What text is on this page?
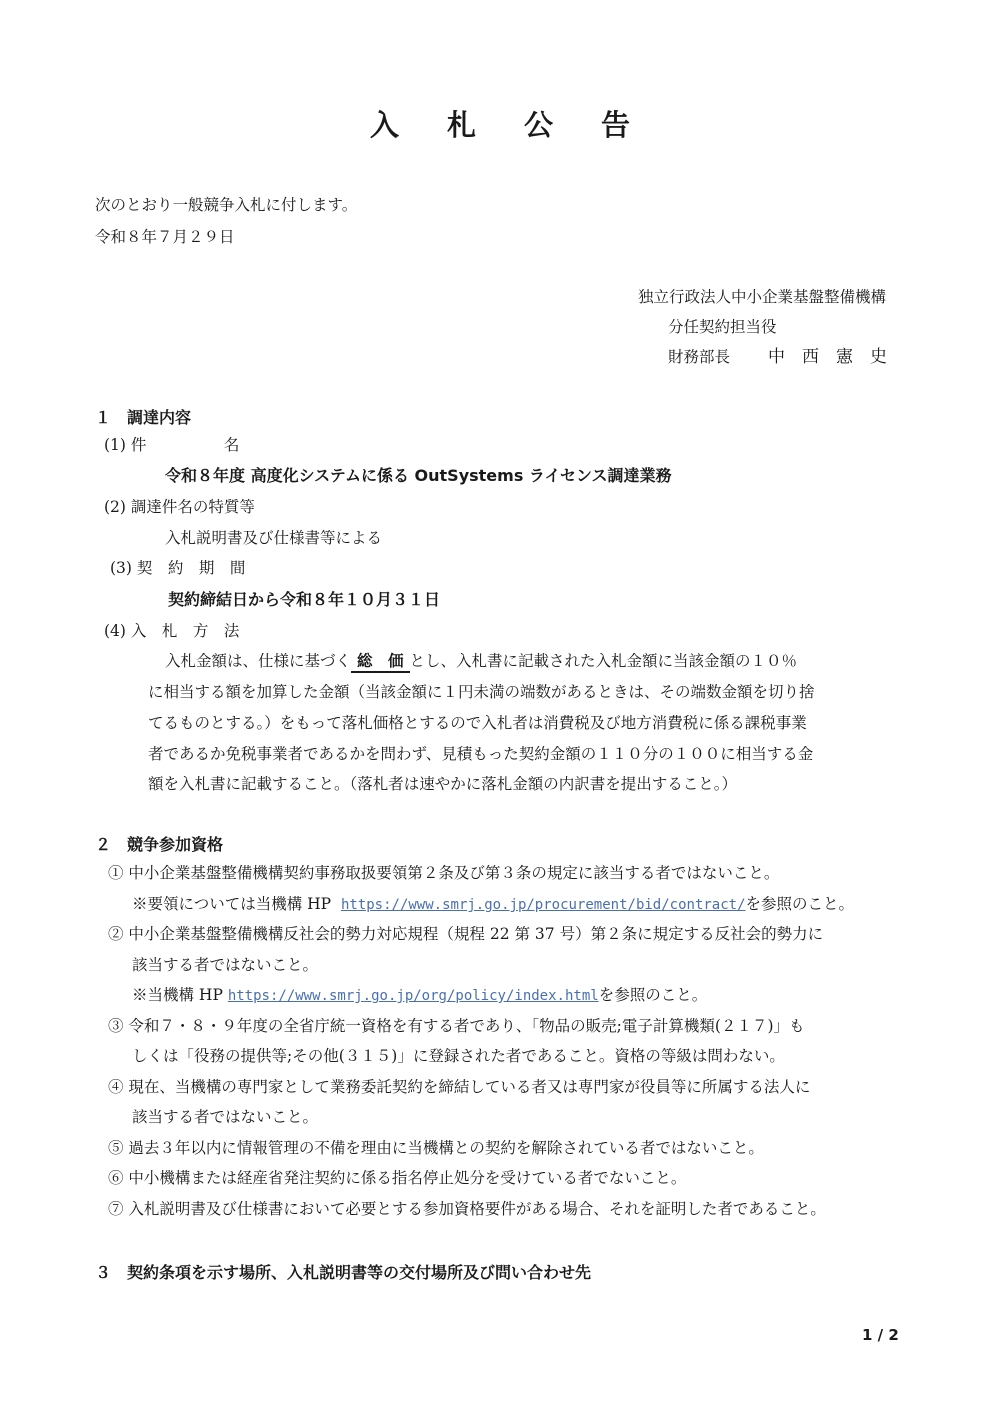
入 札 公 告
次のとおり一般競争入札に付します。
令和８年７月２９日
独立行政法人中小企業基盤整備機構
分任契約担当役
財務部長 中　西　憲　史
１　調達内容
(1) 件　　　　　名
令和８年度 高度化システムに係る OutSystems ライセンス調達業務
(2) 調達件名の特質等
入札説明書及び仕様書等による
(3) 契　約　期　間
契約締結日から令和８年１０月３１日
(4) 入　札　方　法
入札金額は、仕様に基づく 総　価 とし、入札書に記載された入札金額に当該金額の１０％
に相当する額を加算した金額（当該金額に１円未満の端数があるときは、その端数金額を切り捨
てるものとする。）をもって落札価格とするので入札者は消費税及び地方消費税に係る課税事業
者であるか免税事業者であるかを問わず、見積もった契約金額の１１０分の１００に相当する金
額を入札書に記載すること。（落札者は速やかに落札金額の内訳書を提出すること。）
２　競争参加資格
① 中小企業基盤整備機構契約事務取扱要領第２条及び第３条の規定に該当する者ではないこと。
※要領については当機構 HP https://www.smrj.go.jp/procurement/bid/contract/を参照のこと。
② 中小企業基盤整備機構反社会的勢力対応規程（規程 22 第 37 号）第２条に規定する反社会的勢力に
該当する者ではないこと。
※当機構 HP https://www.smrj.go.jp/org/policy/index.htmlを参照のこと。
③ 令和７・８・９年度の全省庁統一資格を有する者であり、「物品の販売;電子計算機類(２１７)」も
しくは「役務の提供等;その他(３１５)」に登録された者であること。資格の等級は問わない。
④ 現在、当機構の専門家として業務委託契約を締結している者又は専門家が役員等に所属する法人に
該当する者ではないこと。
⑤ 過去３年以内に情報管理の不備を理由に当機構との契約を解除されている者ではないこと。
⑥ 中小機構または経産省発注契約に係る指名停止処分を受けている者でないこと。
⑦ 入札説明書及び仕様書において必要とする参加資格要件がある場合、それを証明した者であること。
３　契約条項を示す場所、入札説明書等の交付場所及び問い合わせ先
1 / 2
